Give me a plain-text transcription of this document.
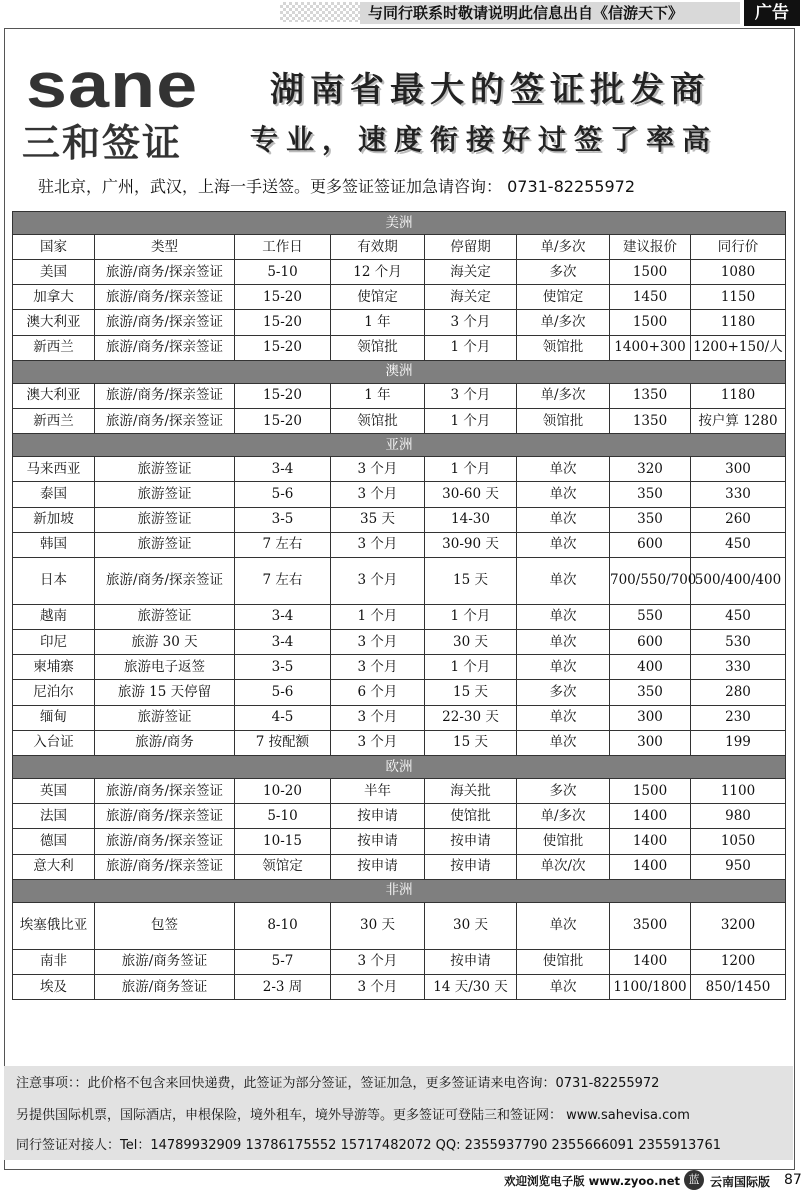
与同行联系时敬请说明此信息出自《信游天下》	广告
sane
三和签证
湖南省最大的签证批发商
专业，速度衔接好过签了率高
驻北京，广州，武汉，上海一手送签。更多签证签证加急请咨询： 0731-82255972
美洲							
国家	类型	工作日	有效期	停留期	单/多次	建议报价	同行价
美国	旅游/商务/探亲签证	5-10	12 个月	海关定	多次	1500	1080
加拿大	旅游/商务/探亲签证	15-20	使馆定	海关定	使馆定	1450	1150
澳大利亚	旅游/商务/探亲签证	15-20	1 年	3 个月	单/多次	1500	1180
新西兰	旅游/商务/探亲签证	15-20	领馆批	1 个月	领馆批	1400+300	1200+150/人
澳洲							
澳大利亚	旅游/商务/探亲签证	15-20	1 年	3 个月	单/多次	1350	1180
新西兰	旅游/商务/探亲签证	15-20	领馆批	1 个月	领馆批	1350	按户算 1280
亚洲							
马来西亚	旅游签证	3-4	3 个月	1 个月	单次	320	300
泰国	旅游签证	5-6	3 个月	30-60 天	单次	350	330
新加坡	旅游签证	3-5	35 天	14-30	单次	350	260
韩国	旅游签证	7 左右	3 个月	30-90 天	单次	600	450
日本	旅游/商务/探亲签证	7 左右	3 个月	15 天	单次	700/550/700	500/400/400
越南	旅游签证	3-4	1 个月	1 个月	单次	550	450
印尼	旅游 30 天	3-4	3 个月	30 天	单次	600	530
柬埔寨	旅游电子返签	3-5	3 个月	1 个月	单次	400	330
尼泊尔	旅游 15 天停留	5-6	6 个月	15 天	多次	350	280
缅甸	旅游签证	4-5	3 个月	22-30 天	单次	300	230
入台证	旅游/商务	7 按配额	3 个月	15 天	单次	300	199
欧洲							
英国	旅游/商务/探亲签证	10-20	半年	海关批	多次	1500	1100
法国	旅游/商务/探亲签证	5-10	按申请	使馆批	单/多次	1400	980
德国	旅游/商务/探亲签证	10-15	按申请	按申请	使馆批	1400	1050
意大利	旅游/商务/探亲签证	领馆定	按申请	按申请	单次/次	1400	950
非洲							
埃塞俄比亚	包签	8-10	30 天	30 天	单次	3500	3200
南非	旅游/商务签证	5-7	3 个月	按申请	使馆批	1400	1200
埃及	旅游/商务签证	2-3 周	3 个月	14 天/30 天	单次	1100/1800	850/1450
注意事项：：此价格不包含来回快递费，此签证为部分签证，签证加急，更多签证请来电咨询：0731-82255972
另提供国际机票，国际酒店，申根保险，境外租车，境外导游等。更多签证可登陆三和签证网： www.sahevisa.com
同行签证对接人：Tel：14789932909 13786175552 15717482072 QQ: 2355937790 2355666091 2355913761
欢迎浏览电子版 www.zyoo.net 蓝 云南国际版 87
